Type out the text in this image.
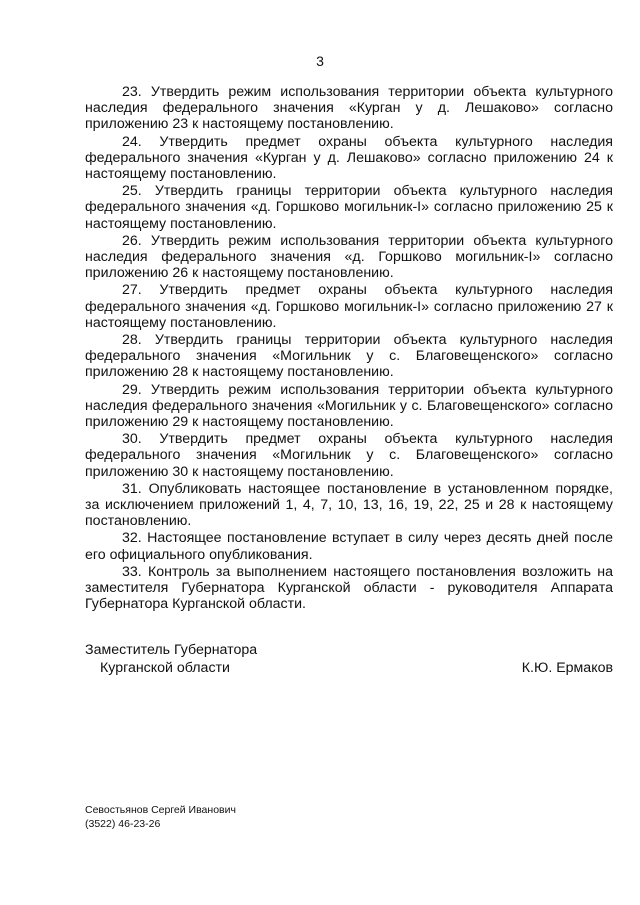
3

23. Утвердить режим использования территории объекта культурного наследия федерального значения «Курган у д. Лешаково» согласно приложению 23 к настоящему постановлению.

24. Утвердить предмет охраны объекта культурного наследия федерального значения «Курган у д. Лешаково» согласно приложению 24 к настоящему постановлению.

25. Утвердить границы территории объекта культурного наследия федерального значения «д. Горшково могильник-I» согласно приложению 25 к настоящему постановлению.

26. Утвердить режим использования территории объекта культурного наследия федерального значения «д. Горшково могильник-I» согласно приложению 26 к настоящему постановлению.

27. Утвердить предмет охраны объекта культурного наследия федерального значения «д. Горшково могильник-I» согласно приложению 27 к настоящему постановлению.

28. Утвердить границы территории объекта культурного наследия федерального значения «Могильник у с. Благовещенского» согласно приложению 28 к настоящему постановлению.

29. Утвердить режим использования территории объекта культурного наследия федерального значения «Могильник у с. Благовещенского» согласно приложению 29 к настоящему постановлению.

30. Утвердить предмет охраны объекта культурного наследия федерального значения «Могильник у с. Благовещенского» согласно приложению 30 к настоящему постановлению.

31. Опубликовать настоящее постановление в установленном порядке, за исключением приложений 1, 4, 7, 10, 13, 16, 19, 22, 25 и 28 к настоящему постановлению.

32. Настоящее постановление вступает в силу через десять дней после его официального опубликования.

33. Контроль за выполнением настоящего постановления возложить на заместителя Губернатора Курганской области - руководителя Аппарата Губернатора Курганской области.

Заместитель Губернатора
Курганской области	К.Ю. Ермаков
Севостьянов Сергей Иванович
(3522) 46-23-26
